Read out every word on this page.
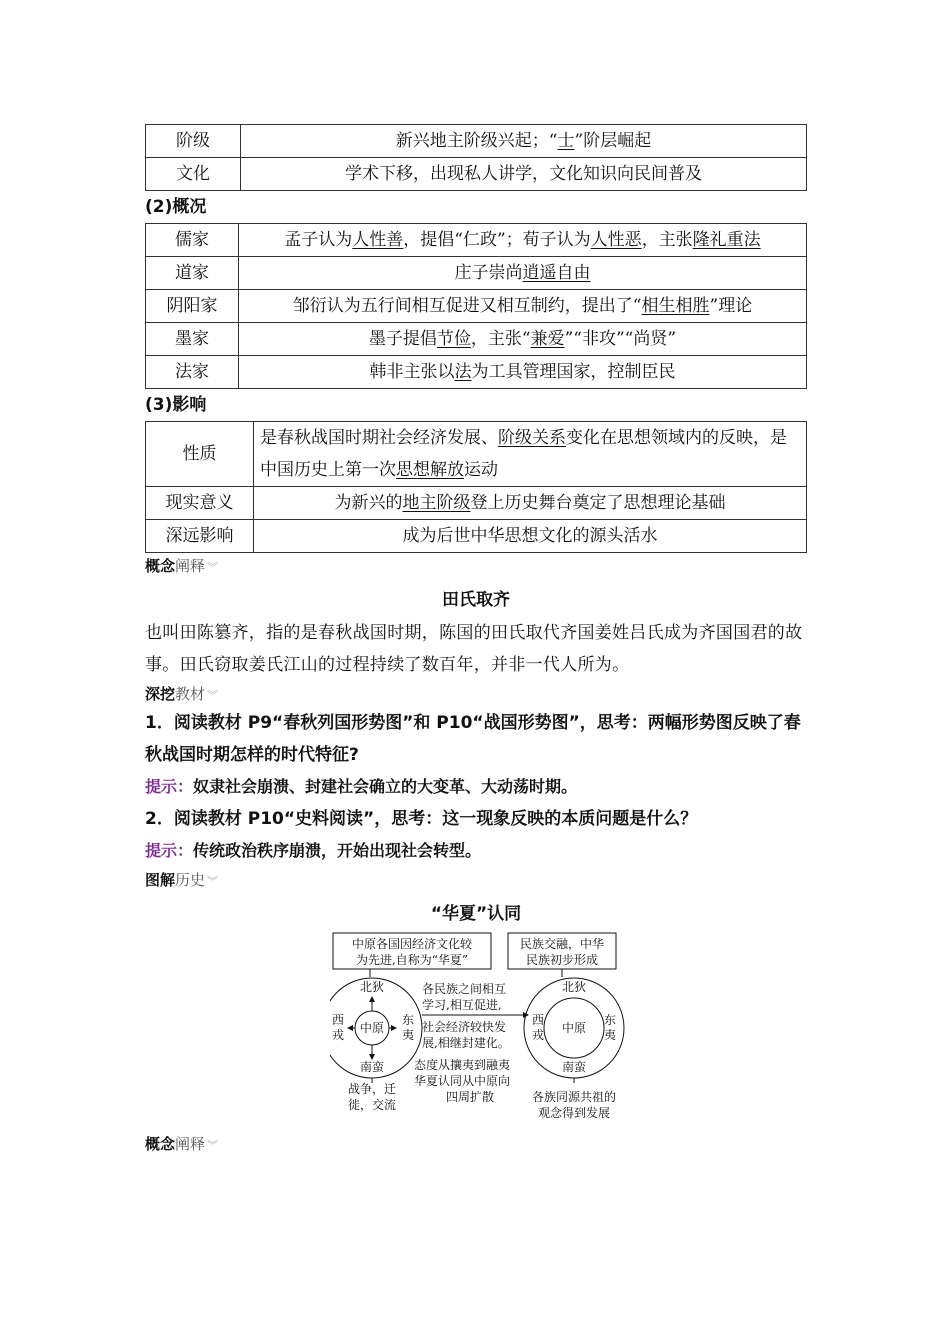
阶级	新兴地主阶级兴起；“士”阶层崛起
文化	学术下移，出现私人讲学，文化知识向民间普及
(2)概况
儒家	孟子认为人性善，提倡“仁政”；荀子认为人性恶，主张隆礼重法
道家	庄子崇尚逍遥自由
阴阳家	邹衍认为五行间相互促进又相互制约，提出了“相生相胜”理论
墨家	墨子提倡节俭，主张“兼爱”“非攻”“尚贤”
法家	韩非主张以法为工具管理国家，控制臣民
(3)影响
性质	是春秋战国时期社会经济发展、阶级关系变化在思想领域内的反映，是中国历史上第一次思想解放运动
现实意义	为新兴的地主阶级登上历史舞台奠定了思想理论基础
深远影响	成为后世中华思想文化的源头活水
概念阐释 ︾
田氏取齐

也叫田陈篡齐，指的是春秋战国时期，陈国的田氏取代齐国姜姓吕氏成为齐国国君的故事。田氏窃取姜氏江山的过程持续了数百年，并非一代人所为。

深挖教材 ︾

1．阅读教材 P9“春秋列国形势图”和 P10“战国形势图”，思考：两幅形势图反映了春秋战国时期怎样的时代特征?

提示：奴隶社会崩溃、封建社会确立的大变革、大动荡时期。

2．阅读教材 P10“史料阅读”，思考：这一现象反映的本质问题是什么？

提示：传统政治秩序崩溃，开始出现社会转型。

图解历史 ︾
“华夏”认同
中原各国因经济文化较
为先进,自称为“华夏”
民族交融，中华
民族初步形成
北狄
南蛮
西
戎
东
夷
中原
各民族之间相互
学习,相互促进,
社会经济较快发
展,相继封建化。
北狄
南蛮
西
戎
东
夷
中原
战争，迁
徙，交流
态度从攘夷到融夷
华夏认同从中原向
四周扩散	各族同源共祖的
观念得到发展
概念阐释 ︾
